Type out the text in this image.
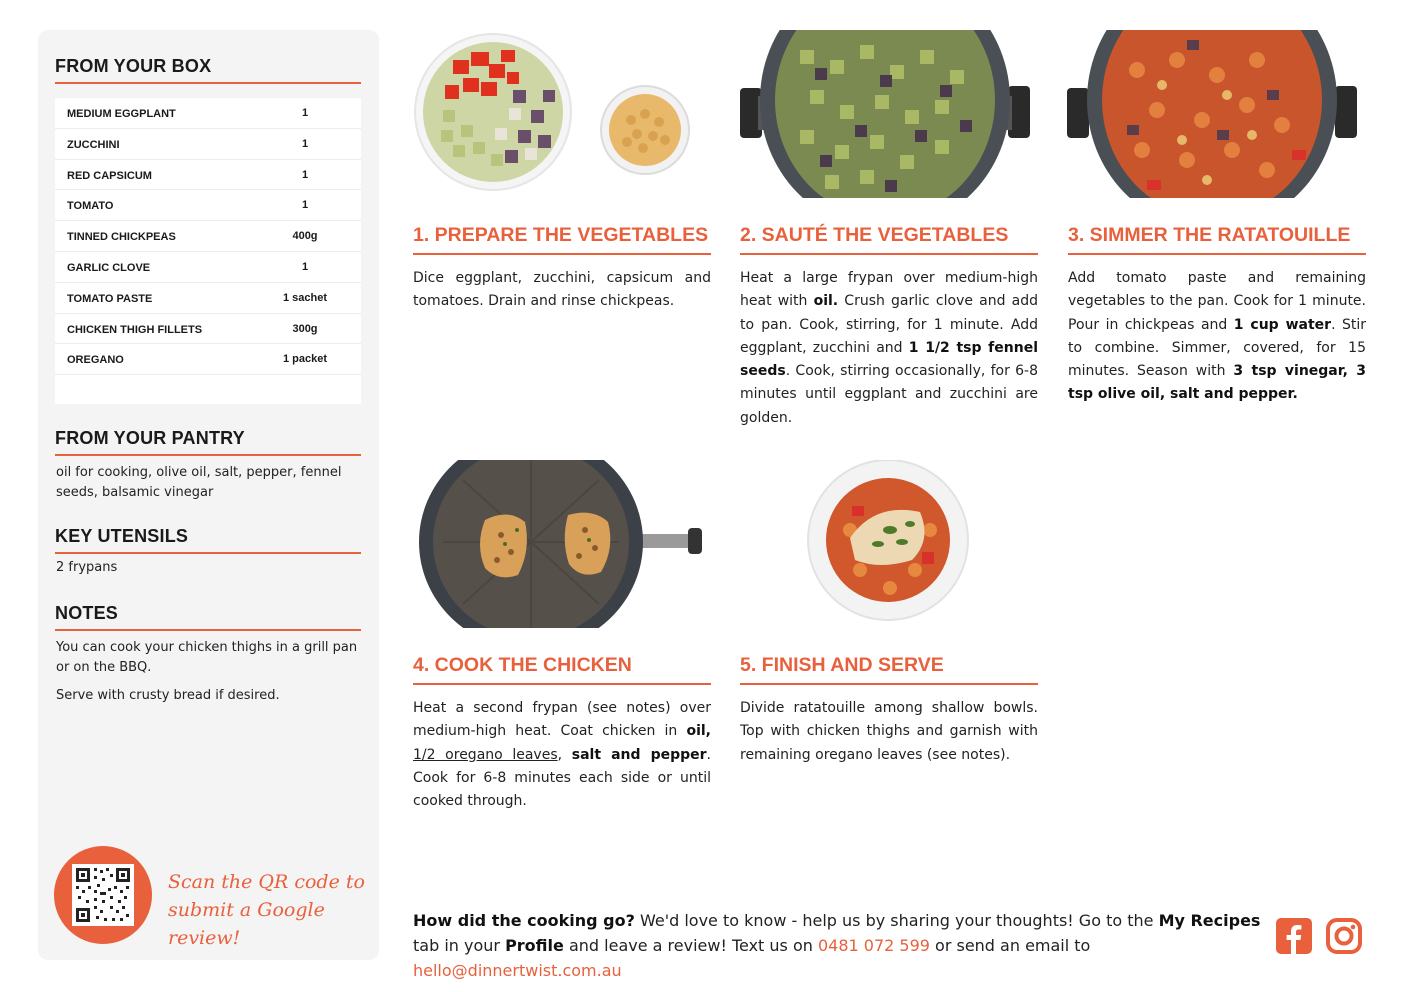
FROM YOUR BOX
MEDIUM EGGPLANT	1
ZUCCHINI	1
RED CAPSICUM	1
TOMATO	1
TINNED CHICKPEAS	400g
GARLIC CLOVE	1
TOMATO PASTE	1 sachet
CHICKEN THIGH FILLETS	300g
OREGANO	1 packet
FROM YOUR PANTRY
oil for cooking, olive oil, salt, pepper, fennel seeds, balsamic vinegar
KEY UTENSILS
2 frypans
NOTES

You can cook your chicken thighs in a grill pan or on the BBQ.

Serve with crusty bread if desired.

Scan the QR code to
submit a Google review!
1. PREPARE THE VEGETABLES
Dice eggplant, zucchini, capsicum and tomatoes. Drain and rinse chickpeas.
2. SAUTÉ THE VEGETABLES
Heat a large frypan over medium-high heat with oil. Crush garlic clove and add to pan. Cook, stirring, for 1 minute. Add eggplant, zucchini and 1 1/2 tsp fennel seeds. Cook, stirring occasionally, for 6-8 minutes until eggplant and zucchini are golden.
3. SIMMER THE RATATOUILLE
Add tomato paste and remaining vegetables to the pan. Cook for 1 minute. Pour in chickpeas and 1 cup water. Stir to combine. Simmer, covered, for 15 minutes. Season with 3 tsp vinegar, 3 tsp olive oil, salt and pepper.
4. COOK THE CHICKEN
Heat a second frypan (see notes) over medium-high heat. Coat chicken in oil, 1/2 oregano leaves, salt and pepper. Cook for 6-8 minutes each side or until cooked through.
5. FINISH AND SERVE
Divide ratatouille among shallow bowls. Top with chicken thighs and garnish with remaining oregano leaves (see notes).
How did the cooking go? We'd love to know - help us by sharing your thoughts! Go to the My Recipes tab in your Profile and leave a review! Text us on 0481 072 599 or send an email to hello@dinnertwist.com.au
